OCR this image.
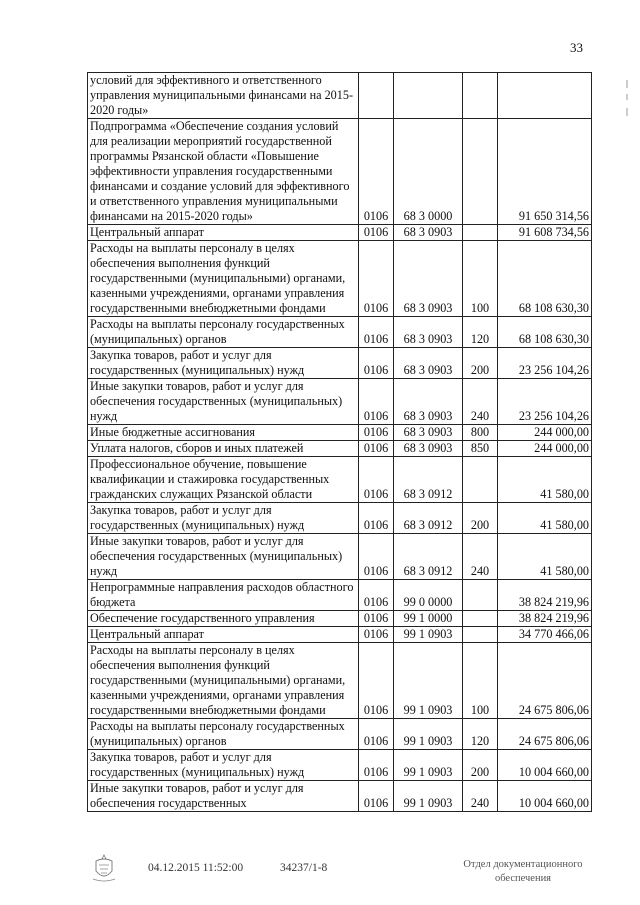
33
условий для эффективного и ответственного управления муниципальными финансами на 2015-2020 годы»				
Подпрограмма «Обеспечение создания условий для реализации мероприятий государственной программы Рязанской области «Повышение эффективности управления государственными финансами и создание условий для эффективного и ответственного управления муниципальными финансами на 2015-2020 годы»	0106	68 3 0000		91 650 314,56
Центральный аппарат	0106	68 3 0903		91 608 734,56
Расходы на выплаты персоналу в целях обеспечения выполнения функций государственными (муниципальными) органами, казенными учреждениями, органами управления государственными внебюджетными фондами	0106	68 3 0903	100	68 108 630,30
Расходы на выплаты персоналу государственных (муниципальных) органов	0106	68 3 0903	120	68 108 630,30
Закупка товаров, работ и услуг для государственных (муниципальных) нужд	0106	68 3 0903	200	23 256 104,26
Иные закупки товаров, работ и услуг для обеспечения государственных (муниципальных) нужд	0106	68 3 0903	240	23 256 104,26
Иные бюджетные ассигнования	0106	68 3 0903	800	244 000,00
Уплата налогов, сборов и иных платежей	0106	68 3 0903	850	244 000,00
Профессиональное обучение, повышение квалификации и стажировка государственных гражданских служащих Рязанской области	0106	68 3 0912		41 580,00
Закупка товаров, работ и услуг для государственных (муниципальных) нужд	0106	68 3 0912	200	41 580,00
Иные закупки товаров, работ и услуг для обеспечения государственных (муниципальных) нужд	0106	68 3 0912	240	41 580,00
Непрограммные направления расходов областного бюджета	0106	99 0 0000		38 824 219,96
Обеспечение государственного управления	0106	99 1 0000		38 824 219,96
Центральный аппарат	0106	99 1 0903		34 770 466,06
Расходы на выплаты персоналу в целях обеспечения выполнения функций государственными (муниципальными) органами, казенными учреждениями, органами управления государственными внебюджетными фондами	0106	99 1 0903	100	24 675 806,06
Расходы на выплаты персоналу государственных (муниципальных) органов	0106	99 1 0903	120	24 675 806,06
Закупка товаров, работ и услуг для государственных (муниципальных) нужд	0106	99 1 0903	200	10 004 660,00
Иные закупки товаров, работ и услуг для обеспечения государственных	0106	99 1 0903	240	10 004 660,00
04.12.2015 11:52:00	34237/1-8	Отдел документационного
обеспечения
